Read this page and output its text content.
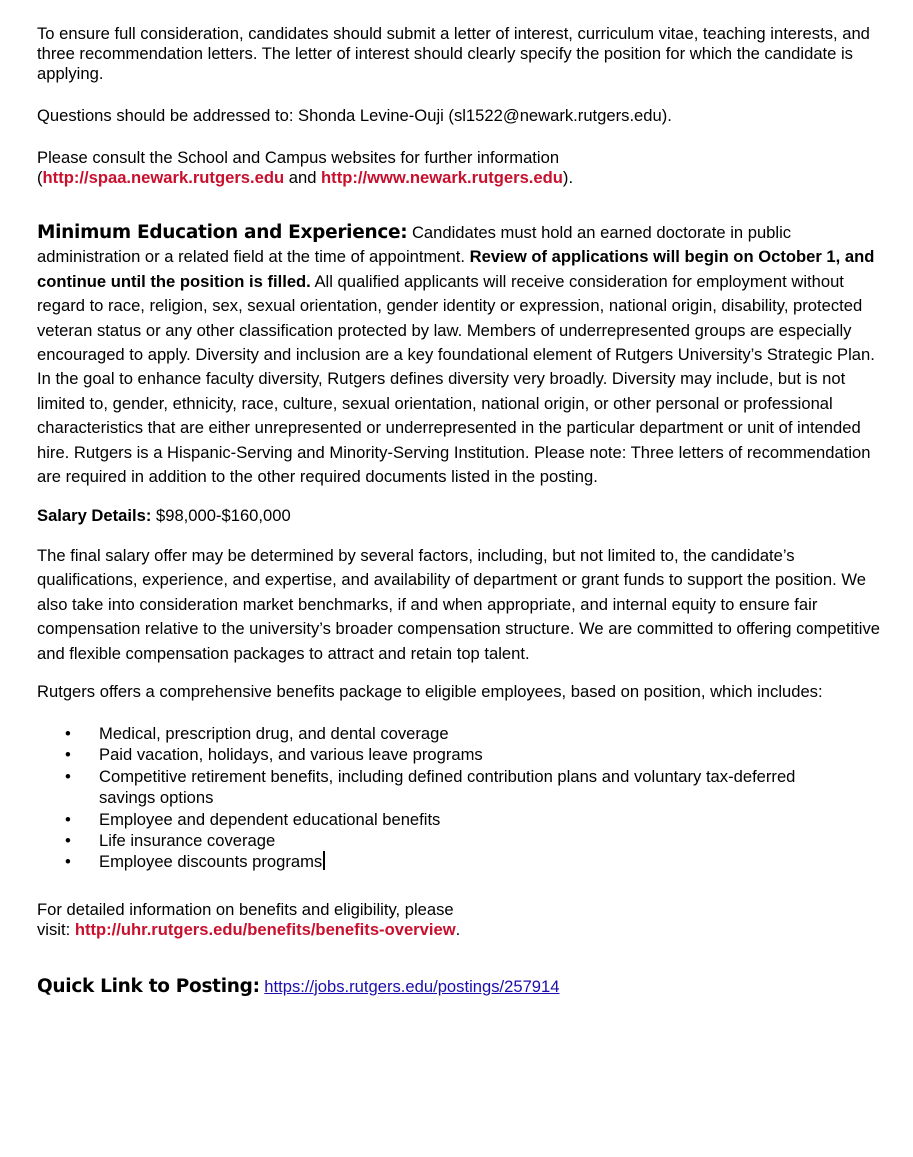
To ensure full consideration, candidates should submit a letter of interest, curriculum vitae, teaching interests, and three recommendation letters. The letter of interest should clearly specify the position for which the candidate is applying.

Questions should be addressed to: Shonda Levine-Ouji (sl1522@newark.rutgers.edu).

Please consult the School and Campus websites for further information
(http://spaa.newark.rutgers.edu and http://www.newark.rutgers.edu).

Minimum Education and Experience: Candidates must hold an earned doctorate in public administration or a related field at the time of appointment. Review of applications will begin on October 1, and continue until the position is filled. All qualified applicants will receive consideration for employment without regard to race, religion, sex, sexual orientation, gender identity or expression, national origin, disability, protected veteran status or any other classification protected by law. Members of underrepresented groups are especially encouraged to apply. Diversity and inclusion are a key foundational element of Rutgers University’s Strategic Plan. In the goal to enhance faculty diversity, Rutgers defines diversity very broadly. Diversity may include, but is not limited to, gender, ethnicity, race, culture, sexual orientation, national origin, or other personal or professional characteristics that are either unrepresented or underrepresented in the particular department or unit of intended hire. Rutgers is a Hispanic-Serving and Minority-Serving Institution. Please note: Three letters of recommendation are required in addition to the other required documents listed in the posting.

Salary Details: $98,000-$160,000

The final salary offer may be determined by several factors, including, but not limited to, the candidate’s qualifications, experience, and expertise, and availability of department or grant funds to support the position. We also take into consideration market benchmarks, if and when appropriate, and internal equity to ensure fair compensation relative to the university’s broader compensation structure. We are committed to offering competitive and flexible compensation packages to attract and retain top talent.

Rutgers offers a comprehensive benefits package to eligible employees, based on position, which includes:

• Medical, prescription drug, and dental coverage
• Paid vacation, holidays, and various leave programs
• Competitive retirement benefits, including defined contribution plans and voluntary tax-deferred savings options
• Employee and dependent educational benefits
• Life insurance coverage
• Employee discounts programs

For detailed information on benefits and eligibility, please
visit: http://uhr.rutgers.edu/benefits/benefits-overview.

Quick Link to Posting: https://jobs.rutgers.edu/postings/257914
